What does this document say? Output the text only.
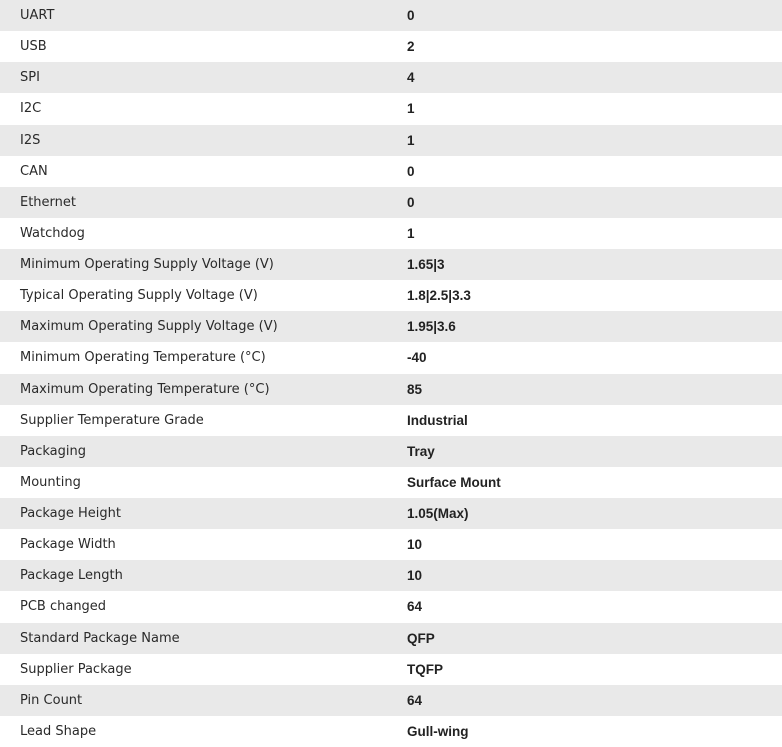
UART	0
USB	2
SPI	4
I2C	1
I2S	1
CAN	0
Ethernet	0
Watchdog	1
Minimum Operating Supply Voltage (V)	1.65|3
Typical Operating Supply Voltage (V)	1.8|2.5|3.3
Maximum Operating Supply Voltage (V)	1.95|3.6
Minimum Operating Temperature (°C)	-40
Maximum Operating Temperature (°C)	85
Supplier Temperature Grade	Industrial
Packaging	Tray
Mounting	Surface Mount
Package Height	1.05(Max)
Package Width	10
Package Length	10
PCB changed	64
Standard Package Name	QFP
Supplier Package	TQFP
Pin Count	64
Lead Shape	Gull-wing
